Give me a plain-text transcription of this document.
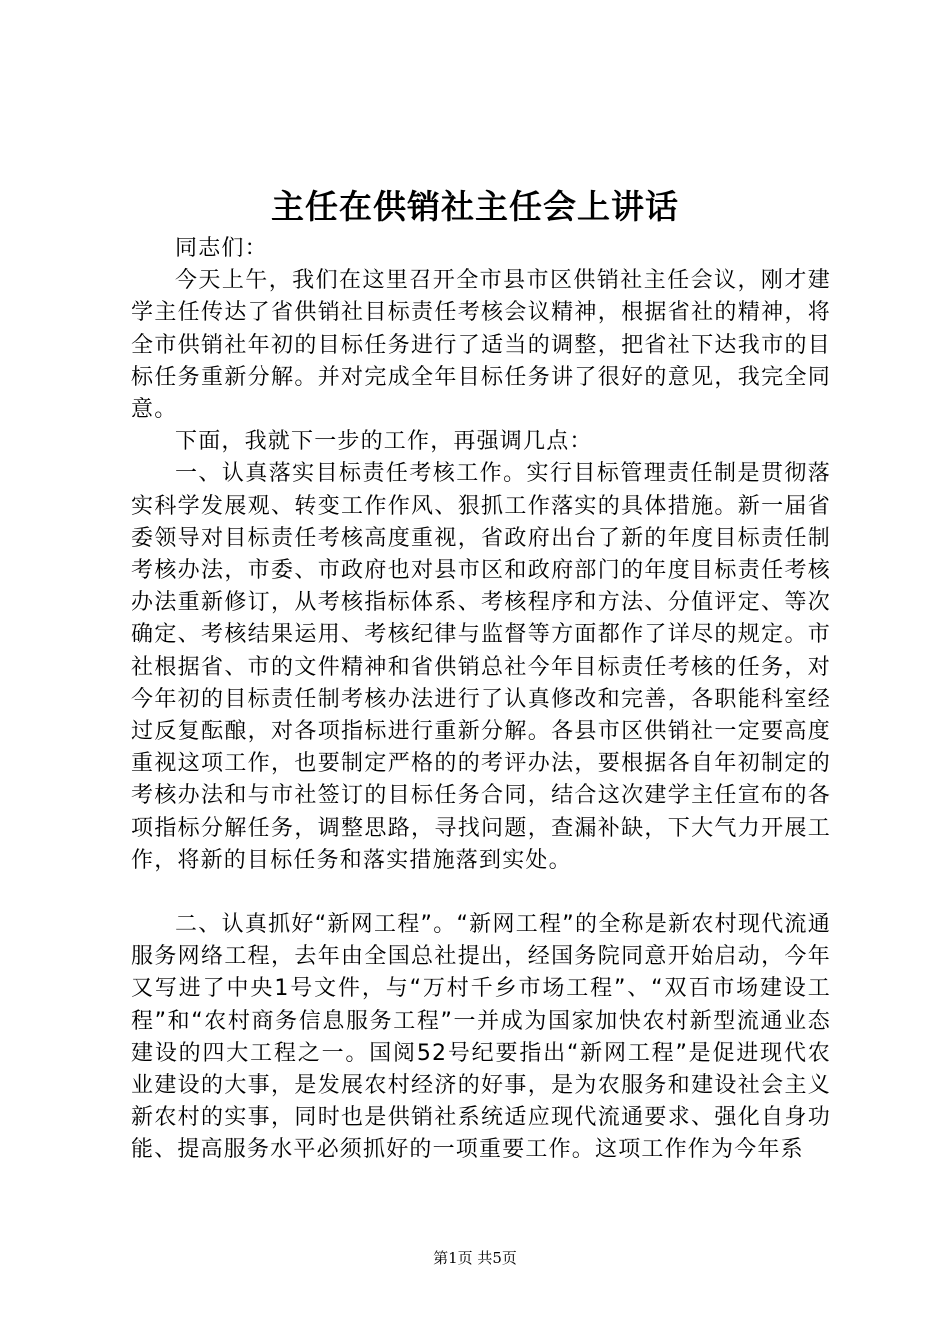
主任在供销社主任会上讲话

同志们：

今天上午，我们在这里召开全市县市区供销社主任会议，刚才建学主任传达了省供销社目标责任考核会议精神，根据省社的精神，将全市供销社年初的目标任务进行了适当的调整，把省社下达我市的目标任务重新分解。并对完成全年目标任务讲了很好的意见，我完全同意。

下面，我就下一步的工作，再强调几点：

一、认真落实目标责任考核工作。实行目标管理责任制是贯彻落实科学发展观、转变工作作风、狠抓工作落实的具体措施。新一届省委领导对目标责任考核高度重视，省政府出台了新的年度目标责任制考核办法，市委、市政府也对县市区和政府部门的年度目标责任考核办法重新修订，从考核指标体系、考核程序和方法、分值评定、等次确定、考核结果运用、考核纪律与监督等方面都作了详尽的规定。市社根据省、市的文件精神和省供销总社今年目标责任考核的任务，对今年初的目标责任制考核办法进行了认真修改和完善，各职能科室经过反复酝酿，对各项指标进行重新分解。各县市区供销社一定要高度重视这项工作，也要制定严格的的考评办法，要根据各自年初制定的考核办法和与市社签订的目标任务合同，结合这次建学主任宣布的各项指标分解任务，调整思路，寻找问题，查漏补缺，下大气力开展工作，将新的目标任务和落实措施落到实处。

二、认真抓好“新网工程”。“新网工程”的全称是新农村现代流通服务网络工程，去年由全国总社提出，经国务院同意开始启动，今年又写进了中央1号文件，与“万村千乡市场工程”、“双百市场建设工程”和“农村商务信息服务工程”一并成为国家加快农村新型流通业态建设的四大工程之一。国阅52号纪要指出“新网工程”是促进现代农业建设的大事，是发展农村经济的好事，是为农服务和建设社会主义新农村的实事，同时也是供销社系统适应现代流通要求、强化自身功能、提高服务水平必须抓好的一项重要工作。这项工作作为今年系

第1页 共5页
